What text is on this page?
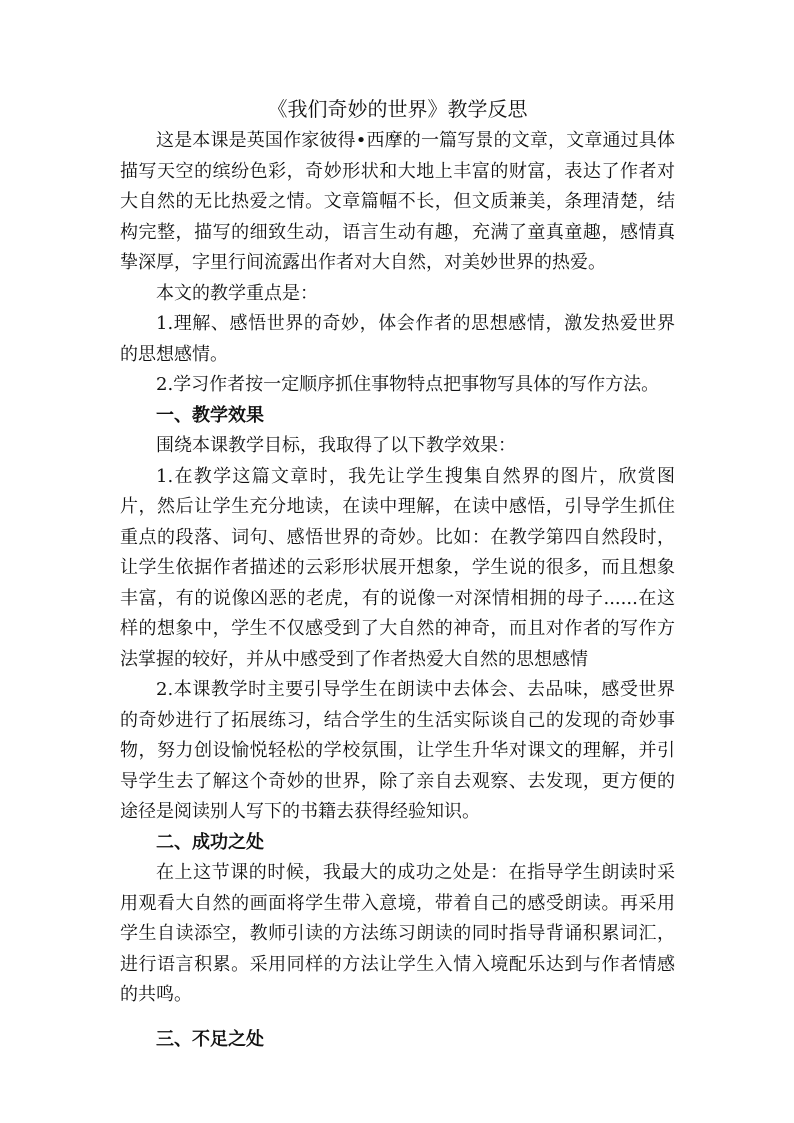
《我们奇妙的世界》教学反思

这是本课是英国作家彼得•西摩的一篇写景的文章，文章通过具体描写天空的缤纷色彩，奇妙形状和大地上丰富的财富，表达了作者对大自然的无比热爱之情。文章篇幅不长，但文质兼美，条理清楚，结构完整，描写的细致生动，语言生动有趣，充满了童真童趣，感情真挚深厚，字里行间流露出作者对大自然，对美妙世界的热爱。

本文的教学重点是：

1.理解、感悟世界的奇妙，体会作者的思想感情，激发热爱世界的思想感情。

2.学习作者按一定顺序抓住事物特点把事物写具体的写作方法。

一、教学效果

围绕本课教学目标，我取得了以下教学效果：

1.在教学这篇文章时，我先让学生搜集自然界的图片，欣赏图片，然后让学生充分地读，在读中理解，在读中感悟，引导学生抓住重点的段落、词句、感悟世界的奇妙。比如：在教学第四自然段时，让学生依据作者描述的云彩形状展开想象，学生说的很多，而且想象丰富，有的说像凶恶的老虎，有的说像一对深情相拥的母子......在这样的想象中，学生不仅感受到了大自然的神奇，而且对作者的写作方法掌握的较好，并从中感受到了作者热爱大自然的思想感情

2.本课教学时主要引导学生在朗读中去体会、去品味，感受世界的奇妙进行了拓展练习，结合学生的生活实际谈自己的发现的奇妙事物，努力创设愉悦轻松的学校氛围，让学生升华对课文的理解，并引导学生去了解这个奇妙的世界，除了亲自去观察、去发现，更方便的途径是阅读别人写下的书籍去获得经验知识。

二、成功之处

在上这节课的时候，我最大的成功之处是：在指导学生朗读时采用观看大自然的画面将学生带入意境，带着自己的感受朗读。再采用学生自读添空，教师引读的方法练习朗读的同时指导背诵积累词汇，进行语言积累。采用同样的方法让学生入情入境配乐达到与作者情感的共鸣。

三、不足之处
